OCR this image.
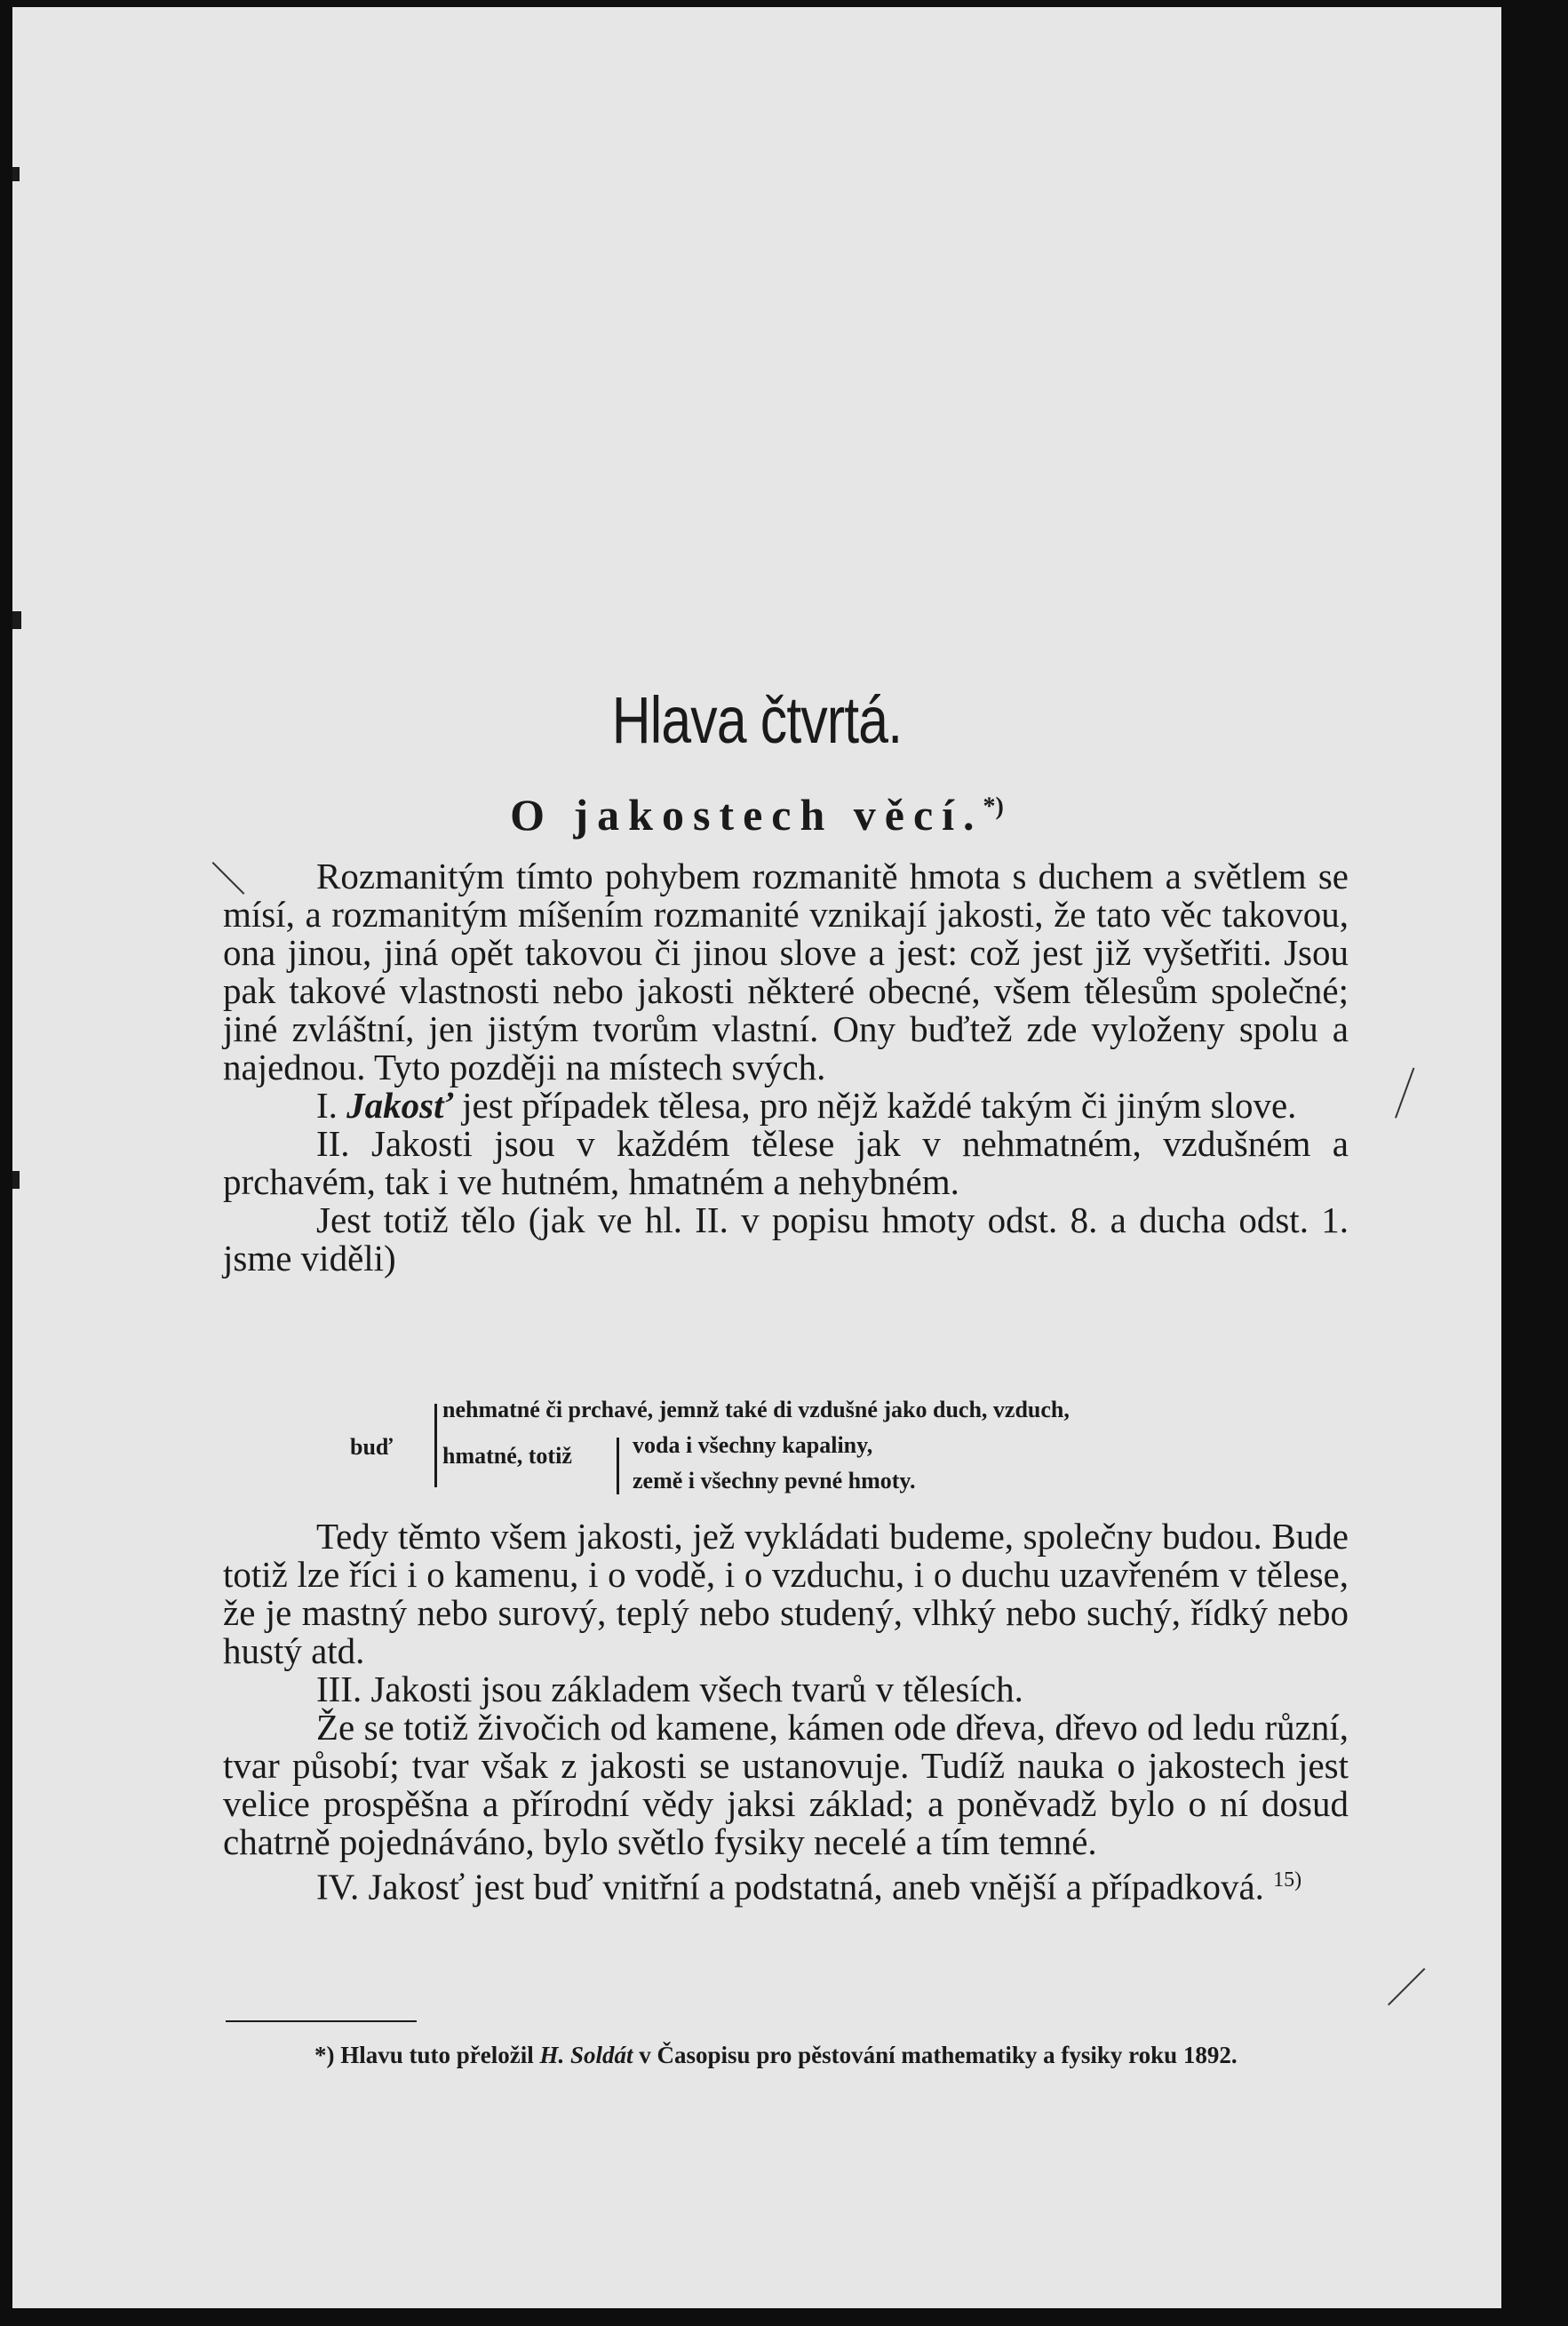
Hlava čtvrtá.
O jakostech věcí.*)

Rozmanitým tímto pohybem rozmanitě hmota s duchem a světlem se mísí, a rozmanitým míšením rozmanité vznikají jakosti, že tato věc takovou, ona jinou, jiná opět takovou či jinou slove a jest: což jest již vyšetřiti. Jsou pak takové vlastnosti nebo jakosti některé obecné, všem tělesům společné; jiné zvláštní, jen jistým tvorům vlastní. Ony buďtež zde vyloženy spolu a najednou. Tyto později na místech svých.

I. Jakosť jest případek tělesa, pro nějž každé takým či jiným slove.

II. Jakosti jsou v každém tělese jak v nehmatném, vzdušném a prchavém, tak i ve hutném, hmatném a nehybném.

Jest totiž tělo (jak ve hl. II. v popisu hmoty odst. 8. a ducha odst. 1. jsme viděli)

buď
nehmatné či prchavé, jemnž také di vzdušné jako duch, vzduch,
hmatné, totiž	voda i všechny kapaliny,
země i všechny pevné hmoty.

Tedy těmto všem jakosti, jež vykládati budeme, společny budou. Bude totiž lze říci i o kamenu, i o vodě, i o vzduchu, i o duchu uzavřeném v tělese, že je mastný nebo surový, teplý nebo studený, vlhký nebo suchý, řídký nebo hustý atd.

III. Jakosti jsou základem všech tvarů v tělesích.

Že se totiž živočich od kamene, kámen ode dřeva, dřevo od ledu různí, tvar působí; tvar však z jakosti se ustanovuje. Tudíž nauka o jakostech jest velice prospěšna a přírodní vědy jaksi základ; a poněvadž bylo o ní dosud chatrně pojednáváno, bylo světlo fysiky necelé a tím temné.

IV. Jakosť jest buď vnitřní a podstatná, aneb vnější a případková. $^{15)}$

*) Hlavu tuto přeložil H. Soldát v Časopisu pro pěstování mathematiky a fysiky roku 1892.
